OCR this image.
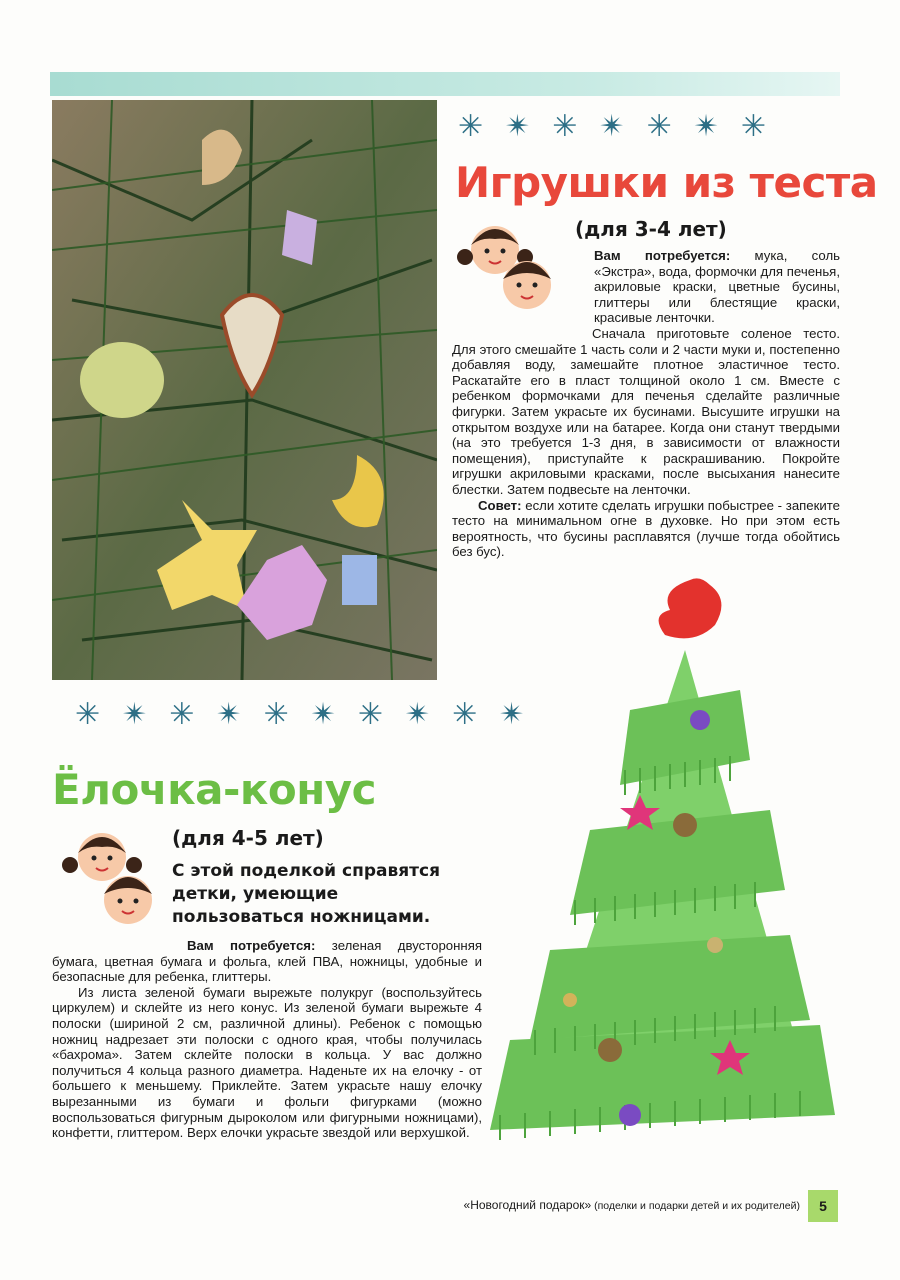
✳ ✴ ✳ ✴ ✳ ✴ ✳
Игрушки из теста
(для 3-4 лет)

Вам потребуется: мука, соль «Экстра», вода, формочки для печенья, акриловые краски, цветные бусины, глиттеры или блестящие краски, красивые ленточки.

Сначала приготовьте соленое тесто. Для этого смешайте 1 часть соли и 2 части муки и, постепенно добавляя воду, замешайте плотное эластичное тесто. Раскатайте его в пласт толщиной около 1 см. Вместе с ребенком формочками для печенья сделайте различные фигурки. Затем украсьте их бусинами. Высушите игрушки на открытом воздухе или на батарее. Когда они станут твердыми (на это требуется 1-3 дня, в зависимости от влажности помещения), приступайте к раскрашиванию. Покройте игрушки акриловыми красками, после высыхания нанесите блестки. Затем подвесьте на ленточки.

Совет: если хотите сделать игрушки побыстрее - запеките тесто на минимальном огне в духовке. Но при этом есть вероятность, что бусины расплавятся (лучше тогда обойтись без бус).

✳ ✴ ✳ ✴ ✳ ✴ ✳ ✴ ✳ ✴
Ёлочка-конус
(для 4-5 лет)
С этой поделкой справятся детки, умеющие пользоваться ножницами.

Вам потребуется: зеленая двусторонняя бумага, цветная бумага и фольга, клей ПВА, ножницы, удобные и безопасные для ребенка, глиттеры.

Из листа зеленой бумаги вырежьте полукруг (воспользуйтесь циркулем) и склейте из него конус. Из зеленой бумаги вырежьте 4 полоски (шириной 2 см, различной длины). Ребенок с помощью ножниц надрезает эти полоски с одного края, чтобы получилась «бахрома». Затем склейте полоски в кольца. У вас должно получиться 4 кольца разного диаметра. Наденьте их на елочку - от большего к меньшему. Приклейте. Затем украсьте нашу елочку вырезанными из бумаги и фольги фигурками (можно воспользоваться фигурным дыроколом или фигурными ножницами), конфетти, глиттером. Верх елочки украсьте звездой или верхушкой.

«Новогодний подарок» (поделки и подарки детей и их родителей)	5
